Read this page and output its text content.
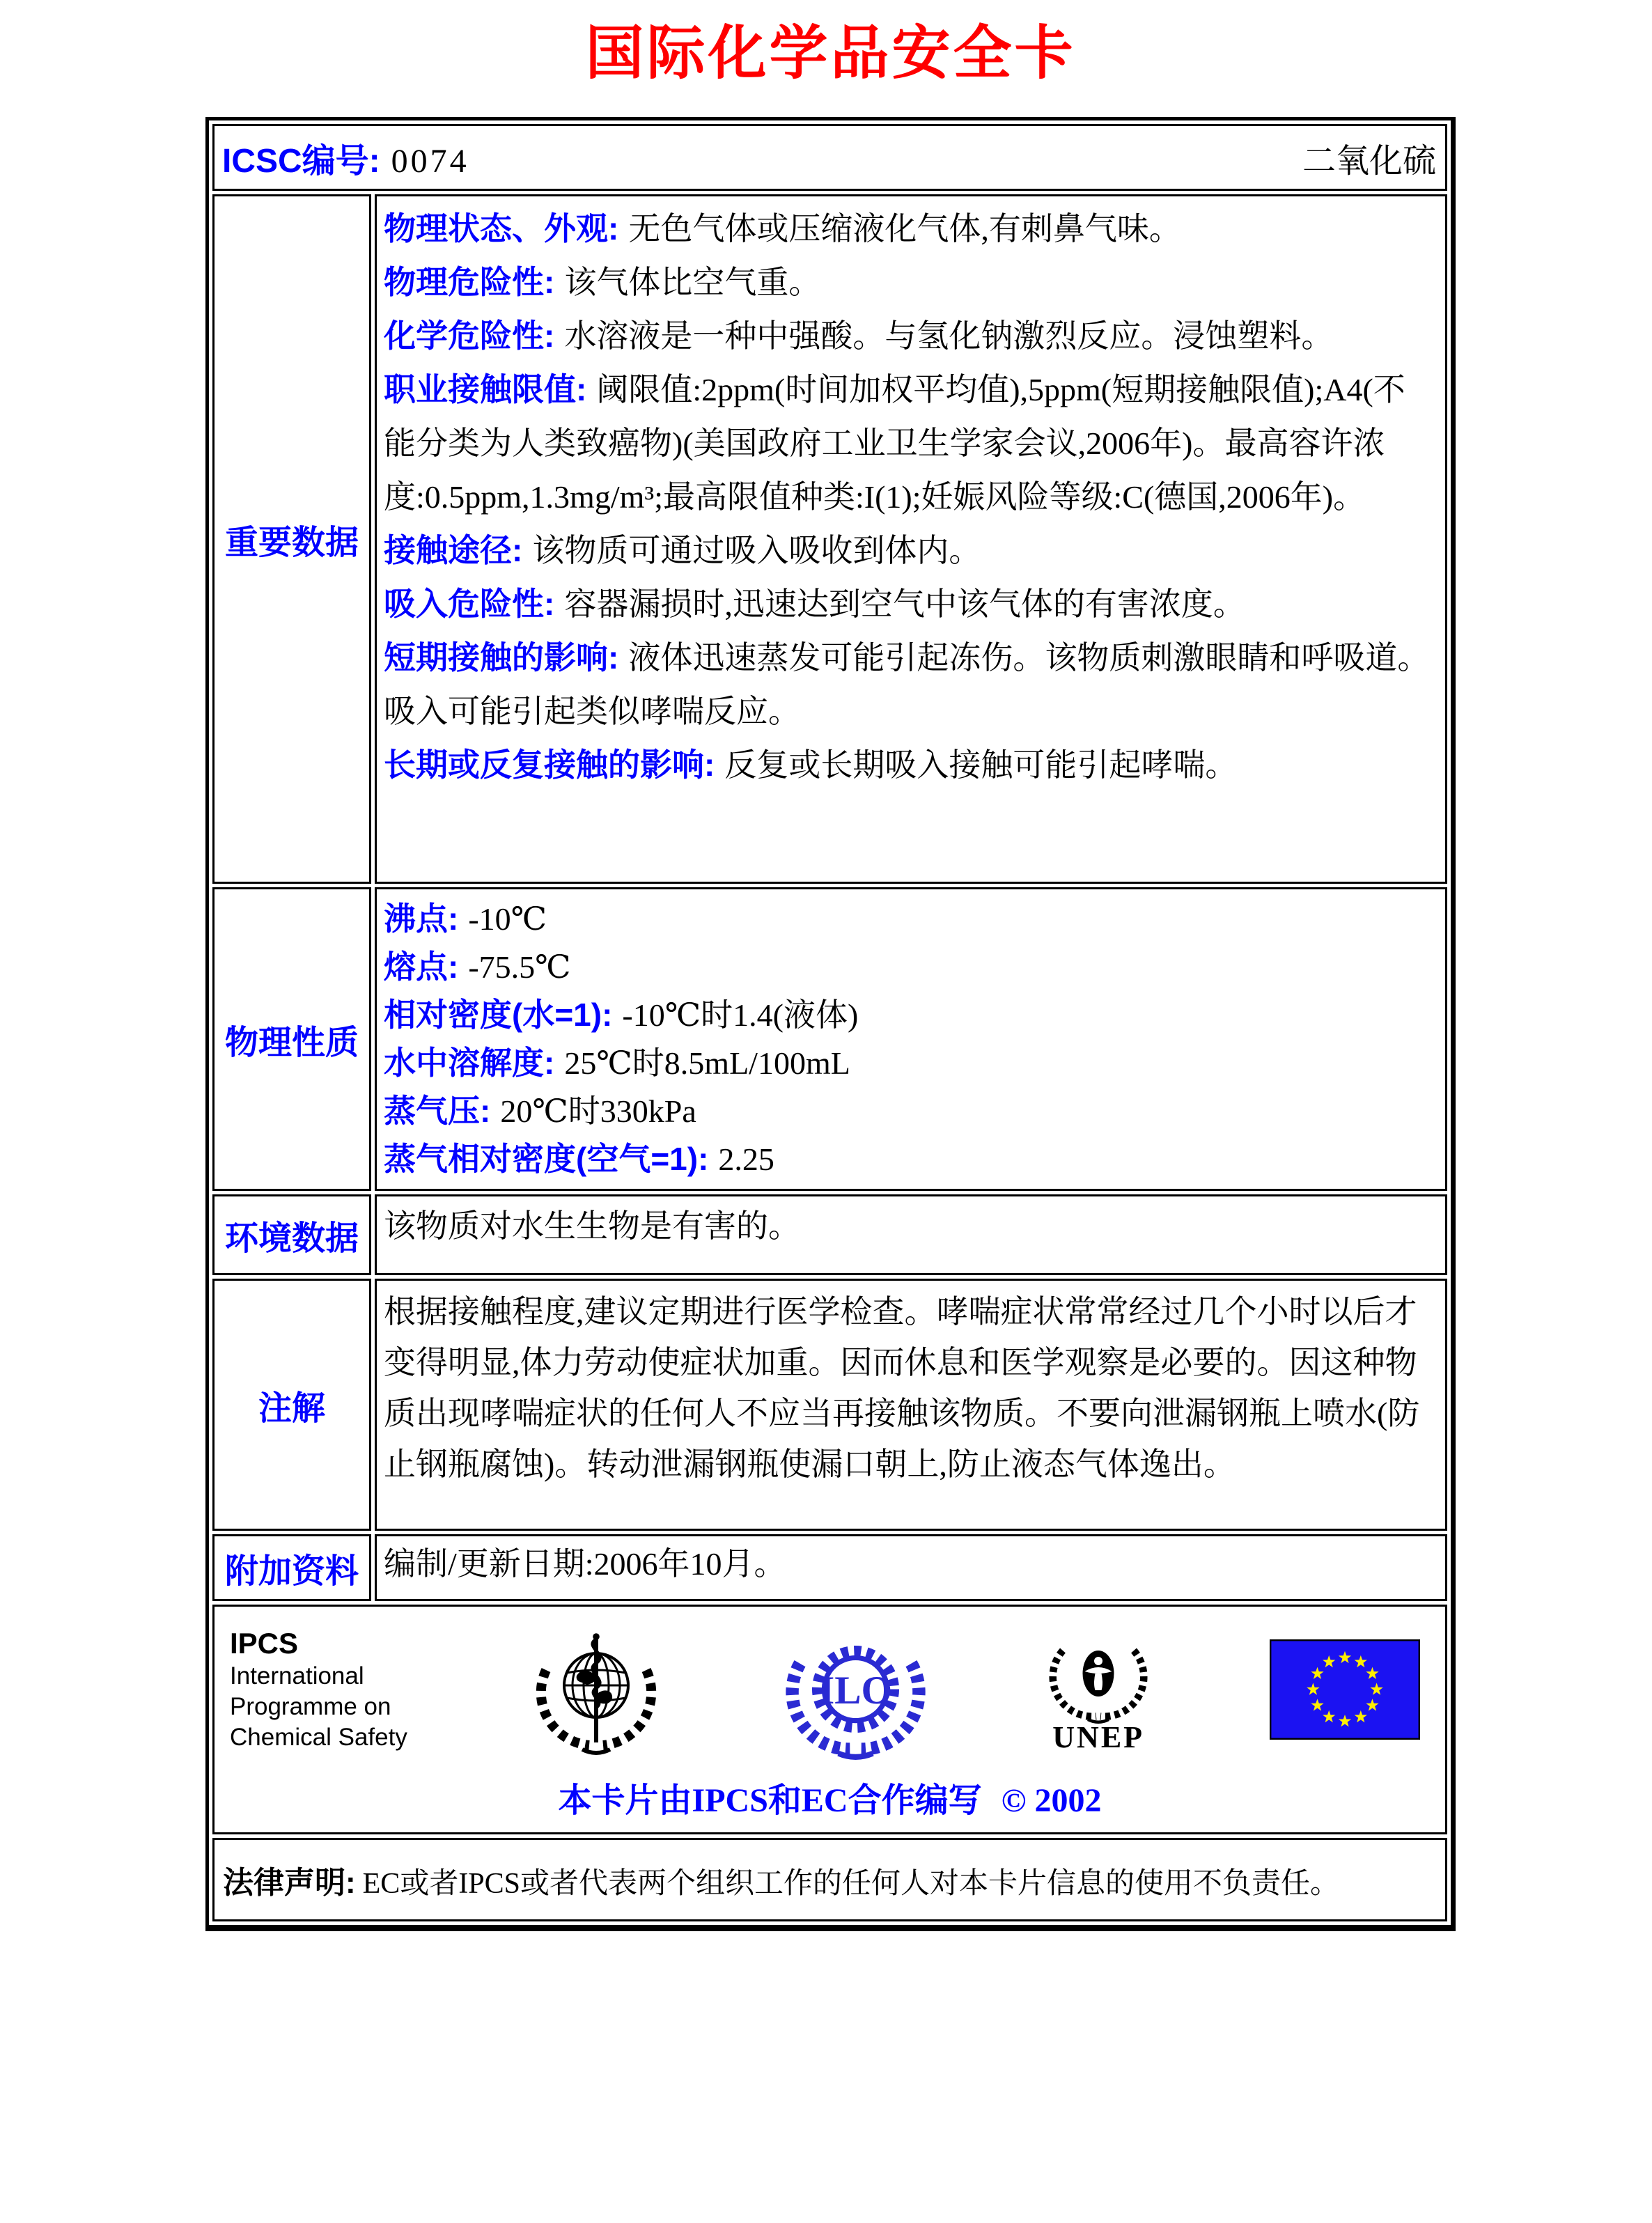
国际化学品安全卡
ICSC编号: 0074 二氧化硫	

重要数据	
物理状态、外观: 无色气体或压缩液化气体,有刺鼻气味。
物理危险性: 该气体比空气重。
化学危险性: 水溶液是一种中强酸。与氢化钠激烈反应。浸蚀塑料。
职业接触限值: 阈限值:2ppm(时间加权平均值),5ppm(短期接触限值);A4(不能分类为人类致癌物)(美国政府工业卫生学家会议,2006年)。最高容许浓度:0.5ppm,1.3mg/m³;最高限值种类:I(1);妊娠风险等级:C(德国,2006年)。
接触途径: 该物质可通过吸入吸收到体内。
吸入危险性: 容器漏损时,迅速达到空气中该气体的有害浓度。
短期接触的影响: 液体迅速蒸发可能引起冻伤。该物质刺激眼睛和呼吸道。吸入可能引起类似哮喘反应。
长期或反复接触的影响: 反复或长期吸入接触可能引起哮喘。

物理性质	
沸点: -10℃
熔点: -75.5℃
相对密度(水=1): -10℃时1.4(液体)
水中溶解度: 25℃时8.5mL/100mL
蒸气压: 20℃时330kPa
蒸气相对密度(空气=1): 2.25

环境数据	该物质对水生生物是有害的。
注解	根据接触程度,建议定期进行医学检查。哮喘症状常常经过几个小时以后才变得明显,体力劳动使症状加重。因而休息和医学观察是必要的。因这种物质出现哮喘症状的任何人不应当再接触该物质。不要向泄漏钢瓶上喷水(防止钢瓶腐蚀)。转动泄漏钢瓶使漏口朝上,防止液态气体逸出。
附加资料	编制/更新日期:2006年10月。

IPCS
International
Programme on
Chemical Safety
ILO
UNEP
本卡片由IPCS和EC合作编写 © 2002

法律声明: EC或者IPCS或者代表两个组织工作的任何人对本卡片信息的使用不负责任。	
